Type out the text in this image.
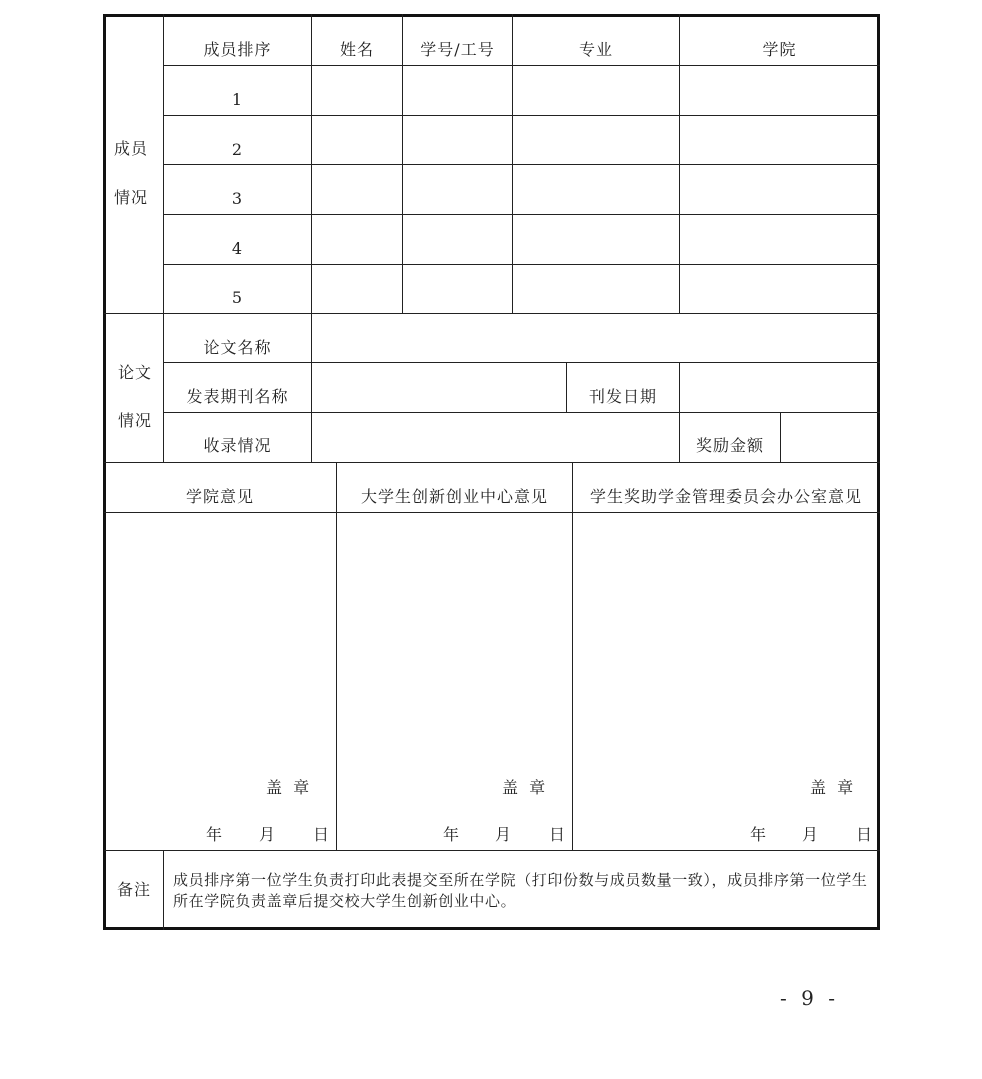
成员
情况
成员排序	姓名	学号/工号	专业	学院
1
2
3
4
5
论文
情况
论文名称
发表期刊名称	刊发日期
收录情况	奖励金额
学院意见	大学生创新创业中心意见	学生奖助学金管理委员会办公室意见
盖 章	盖 章	盖 章
年 月 日	年 月 日	年 月 日
备注 成员排序第一位学生负责打印此表提交至所在学院（打印份数与成员数量一致），成员排序第一位学生所在学院负责盖章后提交校大学生创新创业中心。
- 9 -
